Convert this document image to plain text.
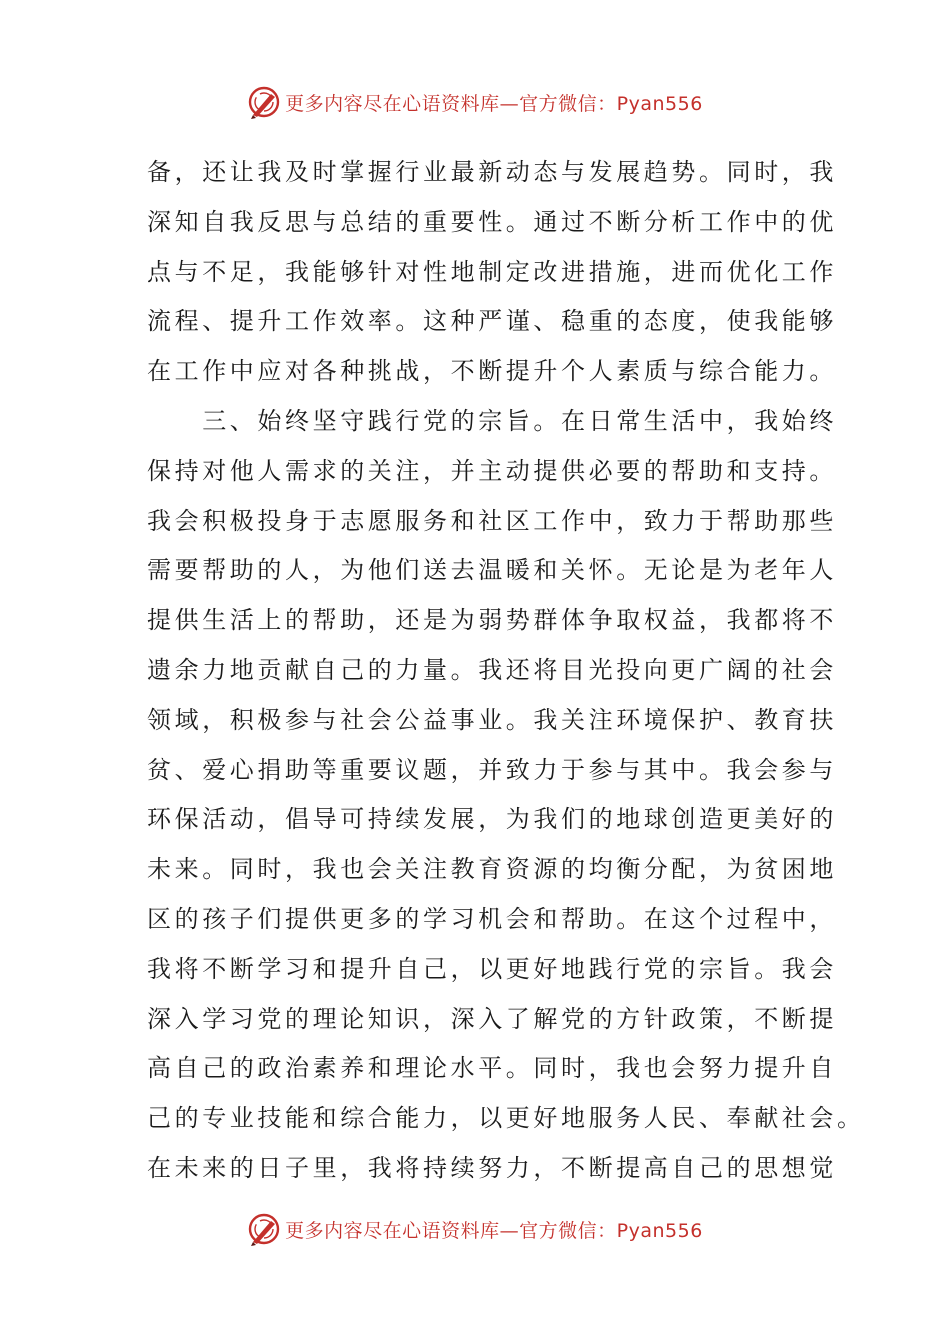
更多内容尽在心语资料库—官方微信：Pyan556
备，还让我及时掌握行业最新动态与发展趋势。同时，我
深知自我反思与总结的重要性。通过不断分析工作中的优
点与不足，我能够针对性地制定改进措施，进而优化工作
流程、提升工作效率。这种严谨、稳重的态度，使我能够
在工作中应对各种挑战，不断提升个人素质与综合能力。
　　三、始终坚守践行党的宗旨。在日常生活中，我始终
保持对他人需求的关注，并主动提供必要的帮助和支持。
我会积极投身于志愿服务和社区工作中，致力于帮助那些
需要帮助的人，为他们送去温暖和关怀。无论是为老年人
提供生活上的帮助，还是为弱势群体争取权益，我都将不
遗余力地贡献自己的力量。我还将目光投向更广阔的社会
领域，积极参与社会公益事业。我关注环境保护、教育扶
贫、爱心捐助等重要议题，并致力于参与其中。我会参与
环保活动，倡导可持续发展，为我们的地球创造更美好的
未来。同时，我也会关注教育资源的均衡分配，为贫困地
区的孩子们提供更多的学习机会和帮助。在这个过程中，
我将不断学习和提升自己，以更好地践行党的宗旨。我会
深入学习党的理论知识，深入了解党的方针政策，不断提
高自己的政治素养和理论水平。同时，我也会努力提升自
己的专业技能和综合能力，以更好地服务人民、奉献社会。
在未来的日子里，我将持续努力，不断提高自己的思想觉
更多内容尽在心语资料库—官方微信：Pyan556
